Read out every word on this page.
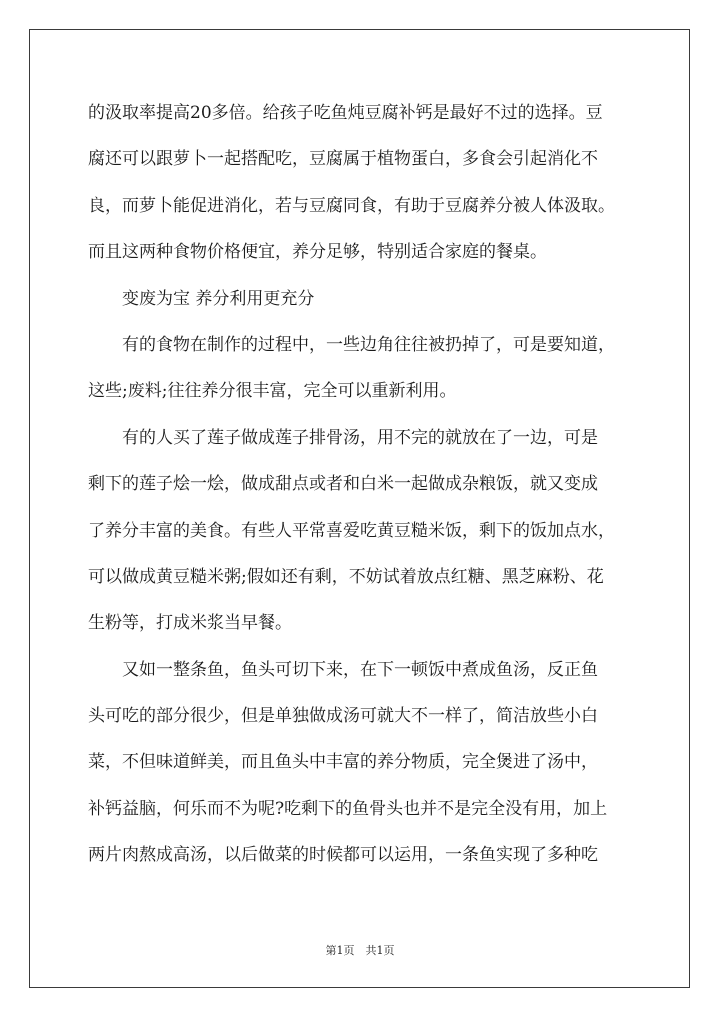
的汲取率提高20多倍。给孩子吃鱼炖豆腐补钙是最好不过的选择。豆
腐还可以跟萝卜一起搭配吃，豆腐属于植物蛋白，多食会引起消化不
良，而萝卜能促进消化，若与豆腐同食，有助于豆腐养分被人体汲取。
而且这两种食物价格便宜，养分足够，特别适合家庭的餐桌。
变废为宝 养分利用更充分
有的食物在制作的过程中，一些边角往往被扔掉了，可是要知道，
这些;废料;往往养分很丰富，完全可以重新利用。
有的人买了莲子做成莲子排骨汤，用不完的就放在了一边，可是
剩下的莲子烩一烩，做成甜点或者和白米一起做成杂粮饭，就又变成
了养分丰富的美食。有些人平常喜爱吃黄豆糙米饭，剩下的饭加点水，
可以做成黄豆糙米粥;假如还有剩，不妨试着放点红糖、黑芝麻粉、花
生粉等，打成米浆当早餐。
又如一整条鱼，鱼头可切下来，在下一顿饭中煮成鱼汤，反正鱼
头可吃的部分很少，但是单独做成汤可就大不一样了，简洁放些小白
菜，不但味道鲜美，而且鱼头中丰富的养分物质，完全煲进了汤中，
补钙益脑，何乐而不为呢?吃剩下的鱼骨头也并不是完全没有用，加上
两片肉熬成高汤，以后做菜的时候都可以运用，一条鱼实现了多种吃
第1页　共1页
